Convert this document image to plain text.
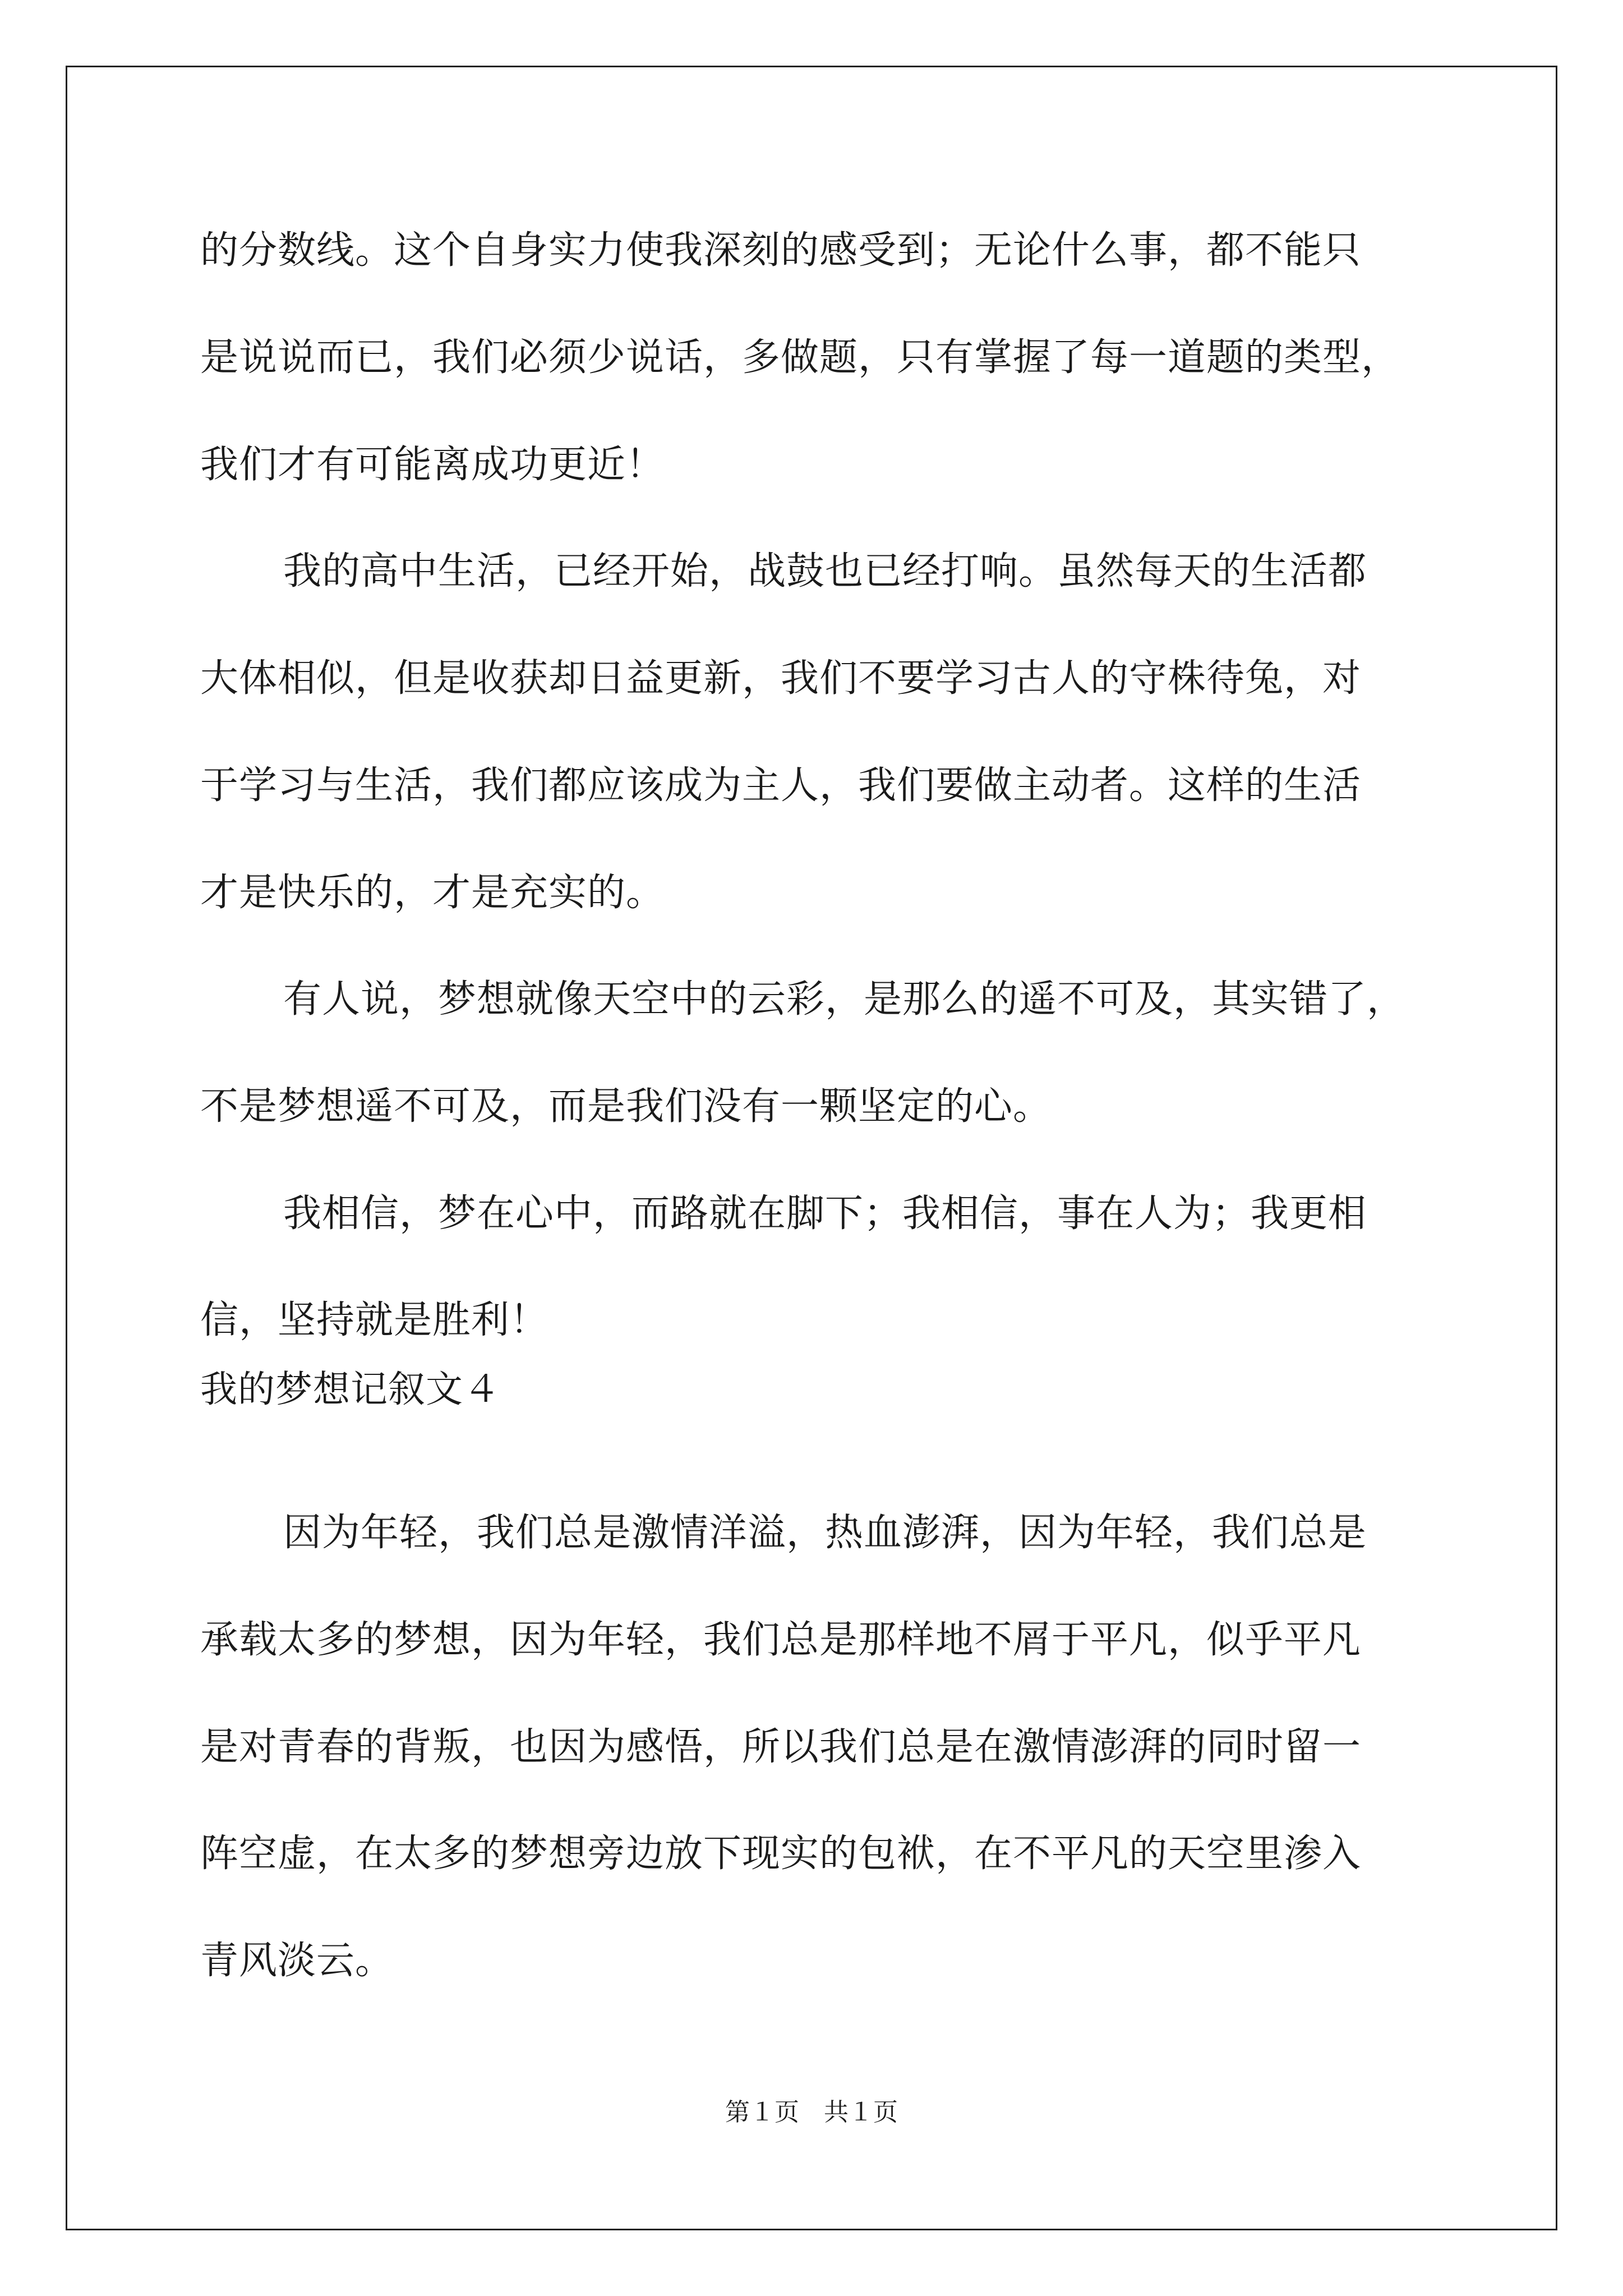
的分数线。这个自身实力使我深刻的感受到；无论什么事，都不能只
是说说而已，我们必须少说话，多做题，只有掌握了每一道题的类型，
我们才有可能离成功更近！
我的高中生活，已经开始，战鼓也已经打响。虽然每天的生活都
大体相似，但是收获却日益更新，我们不要学习古人的守株待兔，对
于学习与生活，我们都应该成为主人，我们要做主动者。这样的生活
才是快乐的，才是充实的。
有人说，梦想就像天空中的云彩，是那么的遥不可及，其实错了，
不是梦想遥不可及，而是我们没有一颗坚定的心。
我相信，梦在心中，而路就在脚下；我相信，事在人为；我更相
信，坚持就是胜利！
我的梦想记叙文４
因为年轻，我们总是激情洋溢，热血澎湃，因为年轻，我们总是
承载太多的梦想，因为年轻，我们总是那样地不屑于平凡，似乎平凡
是对青春的背叛，也因为感悟，所以我们总是在激情澎湃的同时留一
阵空虚，在太多的梦想旁边放下现实的包袱，在不平凡的天空里渗入
青风淡云。
第１页　共１页
